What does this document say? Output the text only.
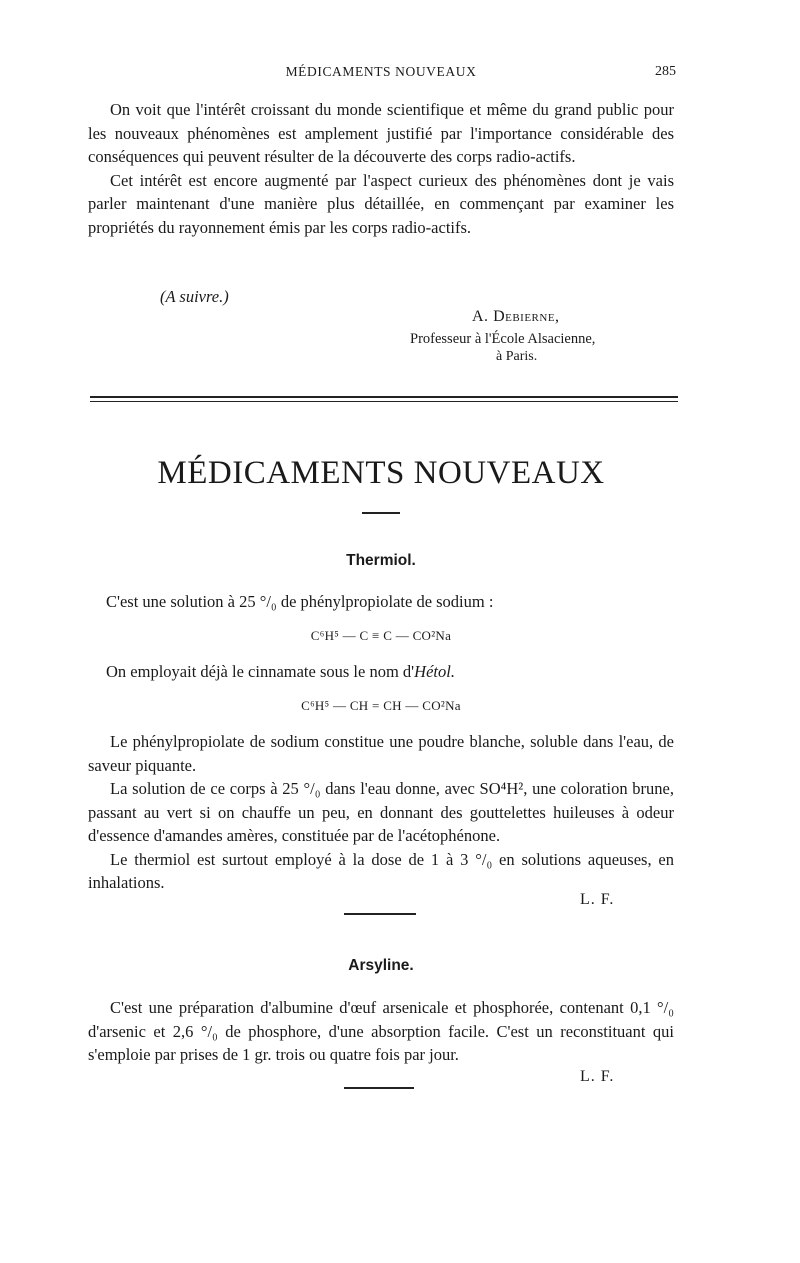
MÉDICAMENTS NOUVEAUX	285

On voit que l'intérêt croissant du monde scientifique et même du grand public pour les nouveaux phénomènes est amplement justifié par l'importance considérable des conséquences qui peuvent résulter de la découverte des corps radio-actifs.

Cet intérêt est encore augmenté par l'aspect curieux des phénomènes dont je vais parler maintenant d'une manière plus détaillée, en commençant par examiner les propriétés du rayonnement émis par les corps radio-actifs.

(A suivre.)
A. Debierne,
Professeur à l'École Alsacienne,
à Paris.
MÉDICAMENTS NOUVEAUX
Thermiol.
C'est une solution à 25 °/₀ de phénylpropiolate de sodium :
C⁶H⁵ — C ≡ C — CO²Na
On employait déjà le cinnamate sous le nom d'Hétol.
C⁶H⁵ — CH = CH — CO²Na

Le phénylpropiolate de sodium constitue une poudre blanche, soluble dans l'eau, de saveur piquante.

La solution de ce corps à 25 °/₀ dans l'eau donne, avec SO⁴H², une coloration brune, passant au vert si on chauffe un peu, en donnant des gouttelettes huileuses à odeur d'essence d'amandes amères, constituée par de l'acétophénone.

Le thermiol est surtout employé à la dose de 1 à 3 °/₀ en solutions aqueuses, en inhalations.

L. F.
Arsyline.

C'est une préparation d'albumine d'œuf arsenicale et phosphorée, contenant 0,1 °/₀ d'arsenic et 2,6 °/₀ de phosphore, d'une absorption facile. C'est un reconstituant qui s'emploie par prises de 1 gr. trois ou quatre fois par jour.

L. F.
